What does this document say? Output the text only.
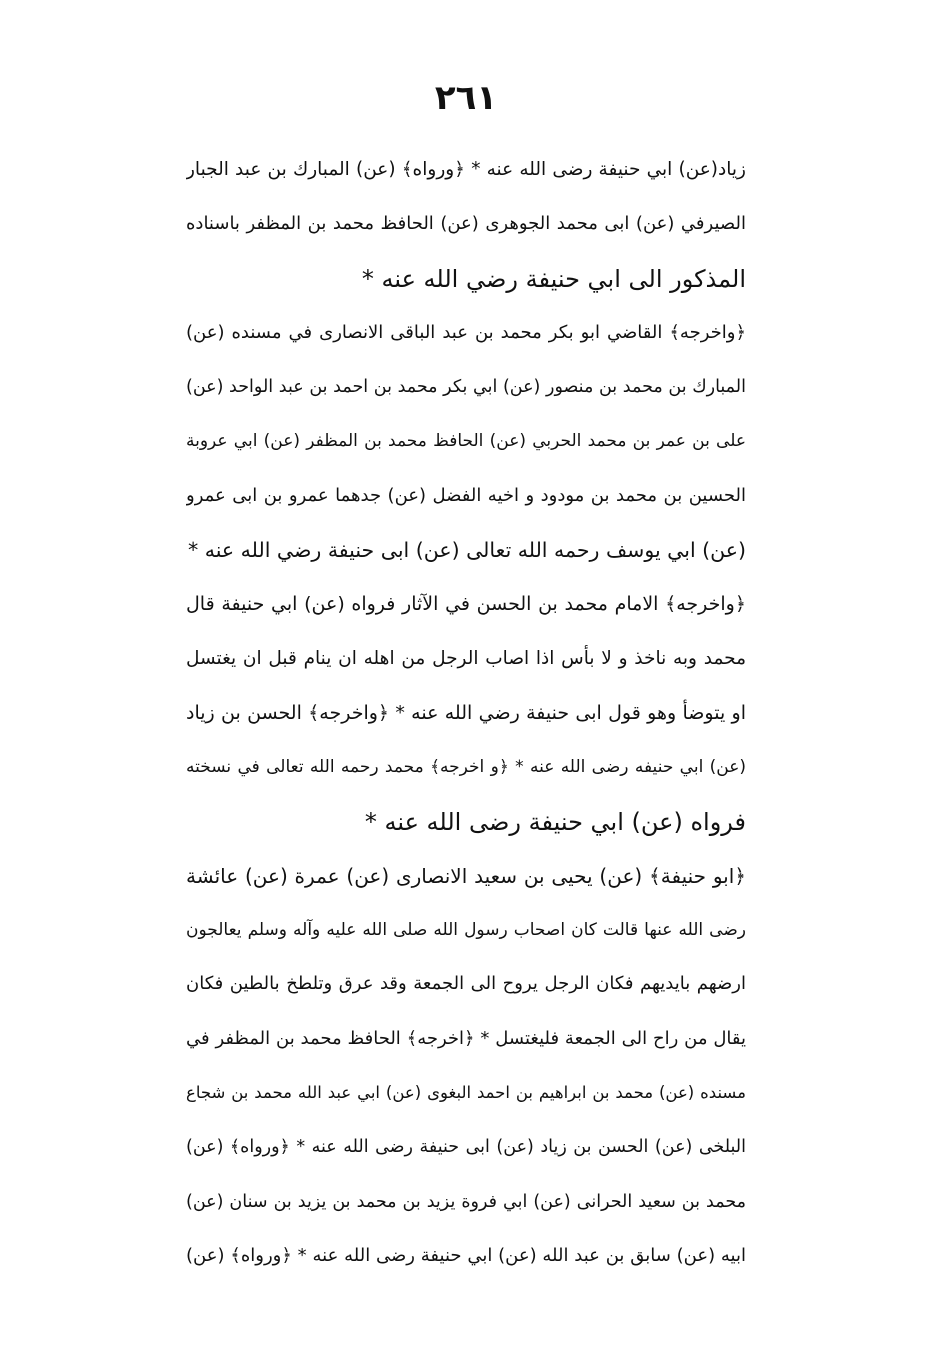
٢٦١
زياد(عن) ابي حنيفة رضى الله عنه * ﴿ورواه﴾ (عن) المبارك بن عبد الجبار
الصيرفي (عن) ابى محمد الجوهرى (عن) الحافظ محمد بن المظفر باسناده
المذكور الى ابي حنيفة رضي الله عنه *
﴿واخرجه﴾ القاضي ابو بكر محمد بن عبد الباقى الانصارى في مسنده (عن)
المبارك بن محمد بن منصور (عن) ابي بكر محمد بن احمد بن عبد الواحد (عن)
على بن عمر بن محمد الحربي (عن) الحافظ محمد بن المظفر (عن) ابي عروبة
الحسين بن محمد بن مودود و اخيه الفضل (عن) جدهما عمرو بن ابى عمرو
(عن) ابي يوسف رحمه الله تعالى (عن) ابى حنيفة رضي الله عنه *
﴿واخرجه﴾ الامام محمد بن الحسن في الآثار فرواه (عن) ابي حنيفة قال
محمد وبه ناخذ و لا بأس اذا اصاب الرجل من اهله ان ينام قبل ان يغتسل
او يتوضأ وهو قول ابى حنيفة رضي الله عنه * ﴿واخرجه﴾ الحسن بن زياد
(عن) ابي حنيفه رضى الله عنه * ﴿و اخرجه﴾ محمد رحمه الله تعالى في نسخته
فرواه (عن) ابي حنيفة رضى الله عنه *
﴿ابو حنيفة﴾ (عن) يحيى بن سعيد الانصارى (عن) عمرة (عن) عائشة
رضى الله عنها قالت كان اصحاب رسول الله صلى الله عليه وآله وسلم يعالجون
ارضهم بايديهم فكان الرجل يروح الى الجمعة وقد عرق وتلطخ بالطين فكان
يقال من راح الى الجمعة فليغتسل * ﴿اخرجه﴾ الحافظ محمد بن المظفر في
مسنده (عن) محمد بن ابراهيم بن احمد البغوى (عن) ابي عبد الله محمد بن شجاع
البلخى (عن) الحسن بن زياد (عن) ابى حنيفة رضى الله عنه * ﴿ورواه﴾ (عن)
محمد بن سعيد الحرانى (عن) ابي فروة يزيد بن محمد بن يزيد بن سنان (عن)
ابيه (عن) سابق بن عبد الله (عن) ابي حنيفة رضى الله عنه * ﴿ورواه﴾ (عن)
